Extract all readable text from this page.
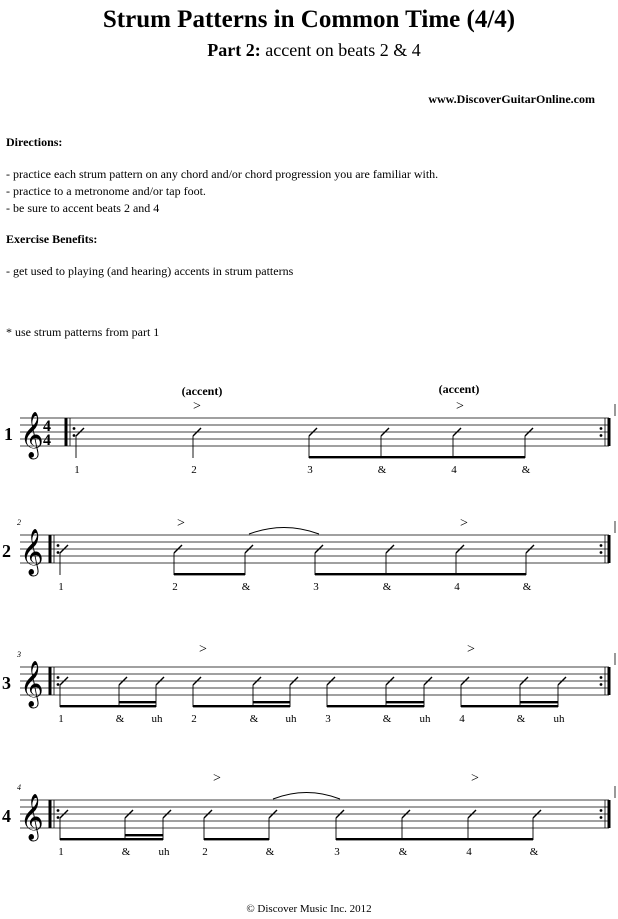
Strum Patterns in Common Time (4/4)
Part 2: accent on beats 2 & 4
www.DiscoverGuitarOnline.com
Directions:
- practice each strum pattern on any chord and/or chord progression you are familiar with.
- practice to a metronome and/or tap foot.
- be sure to accent beats 2 and 4
Exercise Benefits:
- get used to playing (and hearing) accents in strum patterns
* use strum patterns from part 1
1 𝄞 4
4
>	>
(accent)	(accent)
1	2	3	&	4	&
2
2
𝄞
>	>
1	2	&	3	&	4	&
3
3
𝄞
>	>
1	& uh	2	& uh	3	&	uh	4	&	uh
4
4
𝄞
>	>
1	&	uh	2	&	3	&	4	&
© Discover Music Inc. 2012
